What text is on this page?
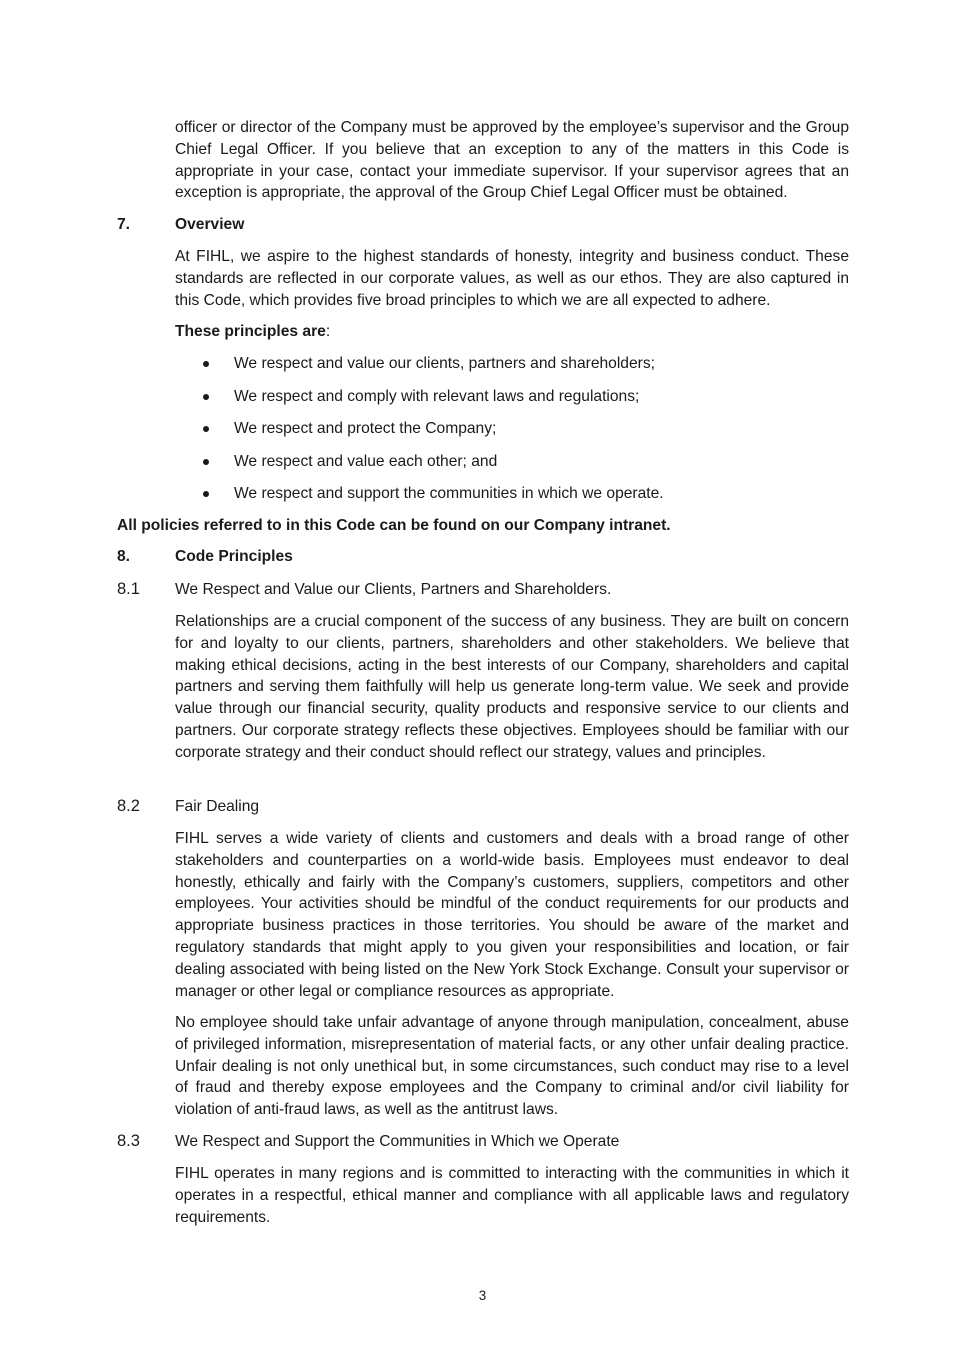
officer or director of the Company must be approved by the employee’s supervisor and the Group Chief Legal Officer. If you believe that an exception to any of the matters in this Code is appropriate in your case, contact your immediate supervisor. If your supervisor agrees that an exception is appropriate, the approval of the Group Chief Legal Officer must be obtained.

7.	Overview

At FIHL, we aspire to the highest standards of honesty, integrity and business conduct. These standards are reflected in our corporate values, as well as our ethos. They are also captured in this Code, which provides five broad principles to which we are all expected to adhere.

These principles are:

We respect and value our clients, partners and shareholders;
We respect and comply with relevant laws and regulations;
We respect and protect the Company;
We respect and value each other; and
We respect and support the communities in which we operate.

All policies referred to in this Code can be found on our Company intranet.

8.	Code Principles

8.1 We Respect and Value our Clients, Partners and Shareholders.

Relationships are a crucial component of the success of any business. They are built on concern for and loyalty to our clients, partners, shareholders and other stakeholders. We believe that making ethical decisions, acting in the best interests of our Company, shareholders and capital partners and serving them faithfully will help us generate long-term value. We seek and provide value through our financial security, quality products and responsive service to our clients and partners. Our corporate strategy reflects these objectives. Employees should be familiar with our corporate strategy and their conduct should reflect our strategy, values and principles.

8.2 Fair Dealing

FIHL serves a wide variety of clients and customers and deals with a broad range of other stakeholders and counterparties on a world-wide basis. Employees must endeavor to deal honestly, ethically and fairly with the Company’s customers, suppliers, competitors and other employees. Your activities should be mindful of the conduct requirements for our products and appropriate business practices in those territories. You should be aware of the market and regulatory standards that might apply to you given your responsibilities and location, or fair dealing associated with being listed on the New York Stock Exchange. Consult your supervisor or manager or other legal or compliance resources as appropriate.

No employee should take unfair advantage of anyone through manipulation, concealment, abuse of privileged information, misrepresentation of material facts, or any other unfair dealing practice. Unfair dealing is not only unethical but, in some circumstances, such conduct may rise to a level of fraud and thereby expose employees and the Company to criminal and/or civil liability for violation of anti-fraud laws, as well as the antitrust laws.

8.3 We Respect and Support the Communities in Which we Operate

FIHL operates in many regions and is committed to interacting with the communities in which it operates in a respectful, ethical manner and compliance with all applicable laws and regulatory requirements.

3
